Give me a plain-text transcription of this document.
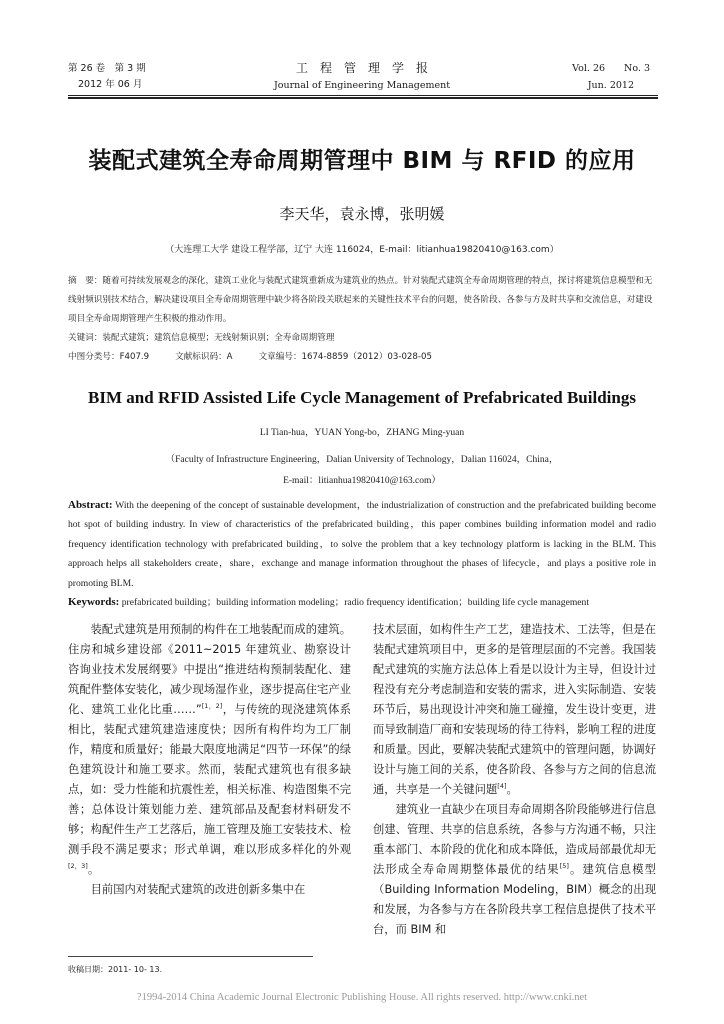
第 26 卷　第 3 期
2012 年 06 月
工　程　管　理　学　报
Journal of Engineering Management
Vol. 26　　No. 3
Jun. 2012
装配式建筑全寿命周期管理中 BIM 与 RFID 的应用
李天华，袁永博，张明媛
（大连理工大学 建设工程学部，辽宁 大连 116024，E-mail：litianhua19820410@163.com）

摘　要：随着可持续发展观念的深化，建筑工业化与装配式建筑重新成为建筑业的热点。针对装配式建筑全寿命周期管理的特点，探讨将建筑信息模型和无线射频识别技术结合，解决建设项目全寿命周期管理中缺少将各阶段关联起来的关键性技术平台的问题，使各阶段、各参与方及时共享和交流信息，对建设项目全寿命周期管理产生积极的推动作用。

关键词：装配式建筑；建筑信息模型；无线射频识别；全寿命周期管理

中图分类号：F407.9	文献标识码：A	文章编号：1674-8859（2012）03-028-05

BIM and RFID Assisted Life Cycle Management of Prefabricated Buildings
LI Tian-hua，YUAN Yong-bo，ZHANG Ming-yuan
（Faculty of Infrastructure Engineering，Dalian University of Technology，Dalian 116024，China，
E-mail：litianhua19820410@163.com）
Abstract: With the deepening of the concept of sustainable development，the industrialization of construction and the prefabricated building become hot spot of building industry. In view of characteristics of the prefabricated building，this paper combines building information model and radio frequency identification technology with prefabricated building，to solve the problem that a key technology platform is lacking in the BLM. This approach helps all stakeholders create，share，exchange and manage information throughout the phases of lifecycle，and plays a positive role in promoting BLM.
Keywords: prefabricated building；building information modeling；radio frequency identification；building life cycle management

装配式建筑是用预制的构件在工地装配而成的建筑。住房和城乡建设部《2011~2015 年建筑业、勘察设计咨询业技术发展纲要》中提出“推进结构预制装配化、建筑配件整体安装化，减少现场湿作业，逐步提高住宅产业化、建筑工业化比重……”[1，2]，与传统的现浇建筑体系相比，装配式建筑建造速度快；因所有构件均为工厂制作，精度和质量好；能最大限度地满足“四节一环保”的绿色建筑设计和施工要求。然而，装配式建筑也有很多缺点，如：受力性能和抗震性差，相关标准、构造图集不完善；总体设计策划能力差、建筑部品及配套材料研发不够；构配件生产工艺落后，施工管理及施工安装技术、检测手段不满足要求；形式单调，难以形成多样化的外观[2，3]。

目前国内对装配式建筑的改进创新多集中在

技术层面，如构件生产工艺，建造技术、工法等，但是在装配式建筑项目中，更多的是管理层面的不完善。我国装配式建筑的实施方法总体上看是以设计为主导，但设计过程没有充分考虑制造和安装的需求，进入实际制造、安装环节后，易出现设计冲突和施工碰撞，发生设计变更，进而导致制造厂商和安装现场的待工待料，影响工程的进度和质量。因此，要解决装配式建筑中的管理问题，协调好设计与施工间的关系，使各阶段、各参与方之间的信息流通，共享是一个关键问题[4]。

建筑业一直缺少在项目寿命周期各阶段能够进行信息创建、管理、共享的信息系统，各参与方沟通不畅，只注重本部门、本阶段的优化和成本降低，造成局部最优却无法形成全寿命周期整体最优的结果[5]。建筑信息模型（Building Information Modeling，BIM）概念的出现和发展，为各参与方在各阶段共享工程信息提供了技术平台，而 BIM 和

收稿日期：2011- 10- 13.
?1994-2014 China Academic Journal Electronic Publishing House. All rights reserved. http://www.cnki.net
